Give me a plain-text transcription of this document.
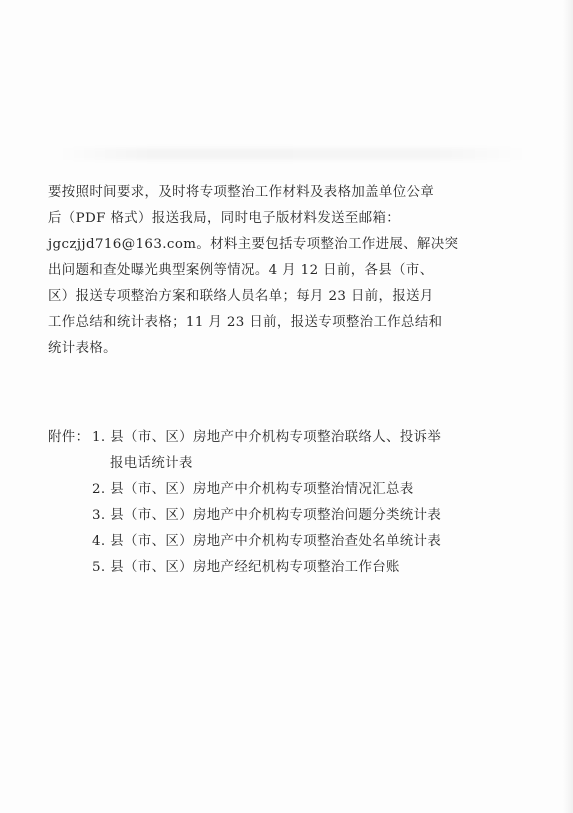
要按照时间要求，及时将专项整治工作材料及表格加盖单位公章
后（PDF 格式）报送我局，同时电子版材料发送至邮箱：
jgczjjd716@163.com。材料主要包括专项整治工作进展、解决突
出问题和查处曝光典型案例等情况。4 月 12 日前，各县（市、
区）报送专项整治方案和联络人员名单；每月 23 日前，报送月
工作总结和统计表格；11 月 23 日前，报送专项整治工作总结和
统计表格。
附件： 1. 县（市、区）房地产中介机构专项整治联络人、投诉举
报电话统计表
2. 县（市、区）房地产中介机构专项整治情况汇总表
3. 县（市、区）房地产中介机构专项整治问题分类统计表
4. 县（市、区）房地产中介机构专项整治查处名单统计表
5. 县（市、区）房地产经纪机构专项整治工作台账
